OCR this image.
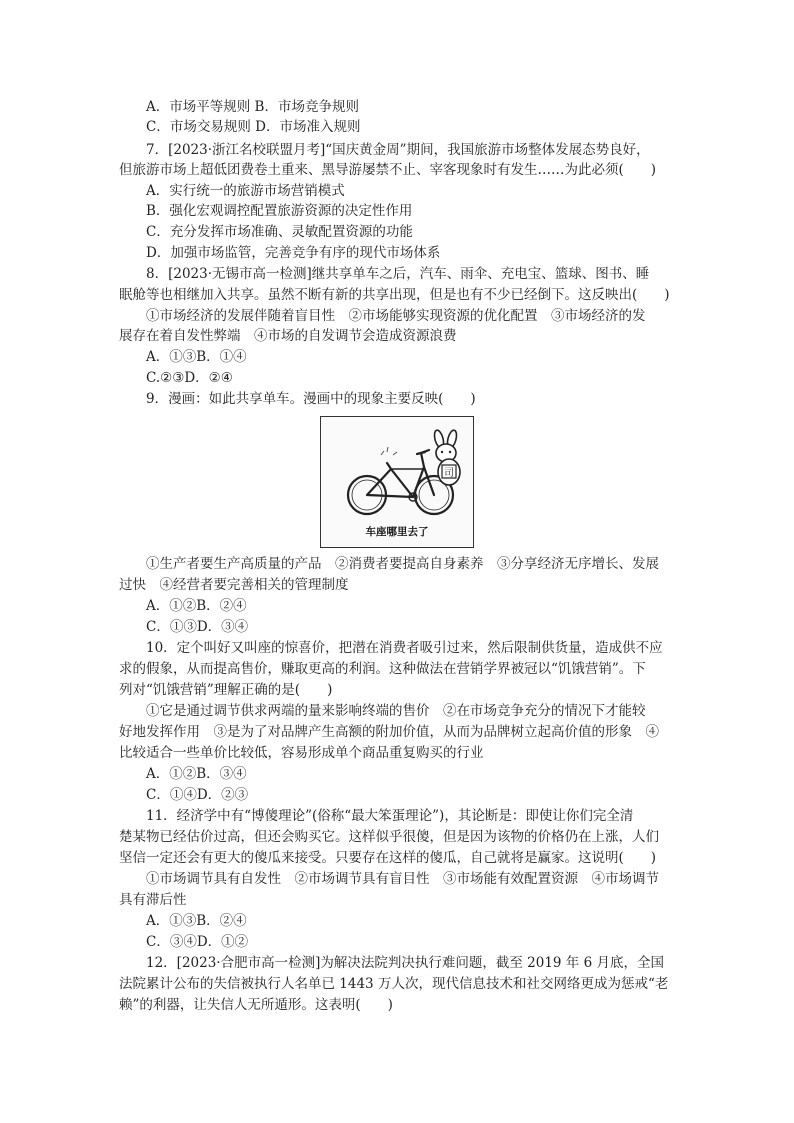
A．市场平等规则 B．市场竞争规则
C．市场交易规则 D．市场准入规则
7．[2023·浙江名校联盟月考]“国庆黄金周”期间，我国旅游市场整体发展态势良好，
但旅游市场上超低团费卷土重来、黑导游屡禁不止、宰客现象时有发生……为此必须(　　)
A．实行统一的旅游市场营销模式
B．强化宏观调控配置旅游资源的决定性作用
C．充分发挥市场准确、灵敏配置资源的功能
D．加强市场监管，完善竞争有序的现代市场体系
8．[2023·无锡市高一检测]继共享单车之后，汽车、雨伞、充电宝、篮球、图书、睡
眠舱等也相继加入共享。虽然不断有新的共享出现，但是也有不少已经倒下。这反映出(　　)
①市场经济的发展伴随着盲目性　②市场能够实现资源的优化配置　③市场经济的发
展存在着自发性弊端　④市场的自发调节会造成资源浪费
A．①③B．①④
C.②③D．②④
9．漫画：如此共享单车。漫画中的现象主要反映(　　)
司
车座哪里去了
①生产者要生产高质量的产品　②消费者要提高自身素养　③分享经济无序增长、发展
过快　④经营者要完善相关的管理制度
A．①②B．②④
C．①③D．③④
10．定个叫好又叫座的惊喜价，把潜在消费者吸引过来，然后限制供货量，造成供不应
求的假象，从而提高售价，赚取更高的利润。这种做法在营销学界被冠以“饥饿营销”。下
列对“饥饿营销”理解正确的是(　　)
①它是通过调节供求两端的量来影响终端的售价　②在市场竞争充分的情况下才能较
好地发挥作用　③是为了对品牌产生高额的附加价值，从而为品牌树立起高价值的形象　④
比较适合一些单价比较低，容易形成单个商品重复购买的行业
A．①②B．③④
C．①④D．②③
11．经济学中有“博傻理论”(俗称“最大笨蛋理论”)，其论断是：即使让你们完全清
楚某物已经估价过高，但还会购买它。这样似乎很傻，但是因为该物的价格仍在上涨，人们
坚信一定还会有更大的傻瓜来接受。只要存在这样的傻瓜，自己就将是赢家。这说明(　　)
①市场调节具有自发性　②市场调节具有盲目性　③市场能有效配置资源　④市场调节
具有滞后性
A．①③B．②④
C．③④D．①②
12．[2023·合肥市高一检测]为解决法院判决执行难问题，截至 2019 年 6 月底，全国
法院累计公布的失信被执行人名单已 1443 万人次，现代信息技术和社交网络更成为惩戒“老
赖”的利器，让失信人无所遁形。这表明(　　)
